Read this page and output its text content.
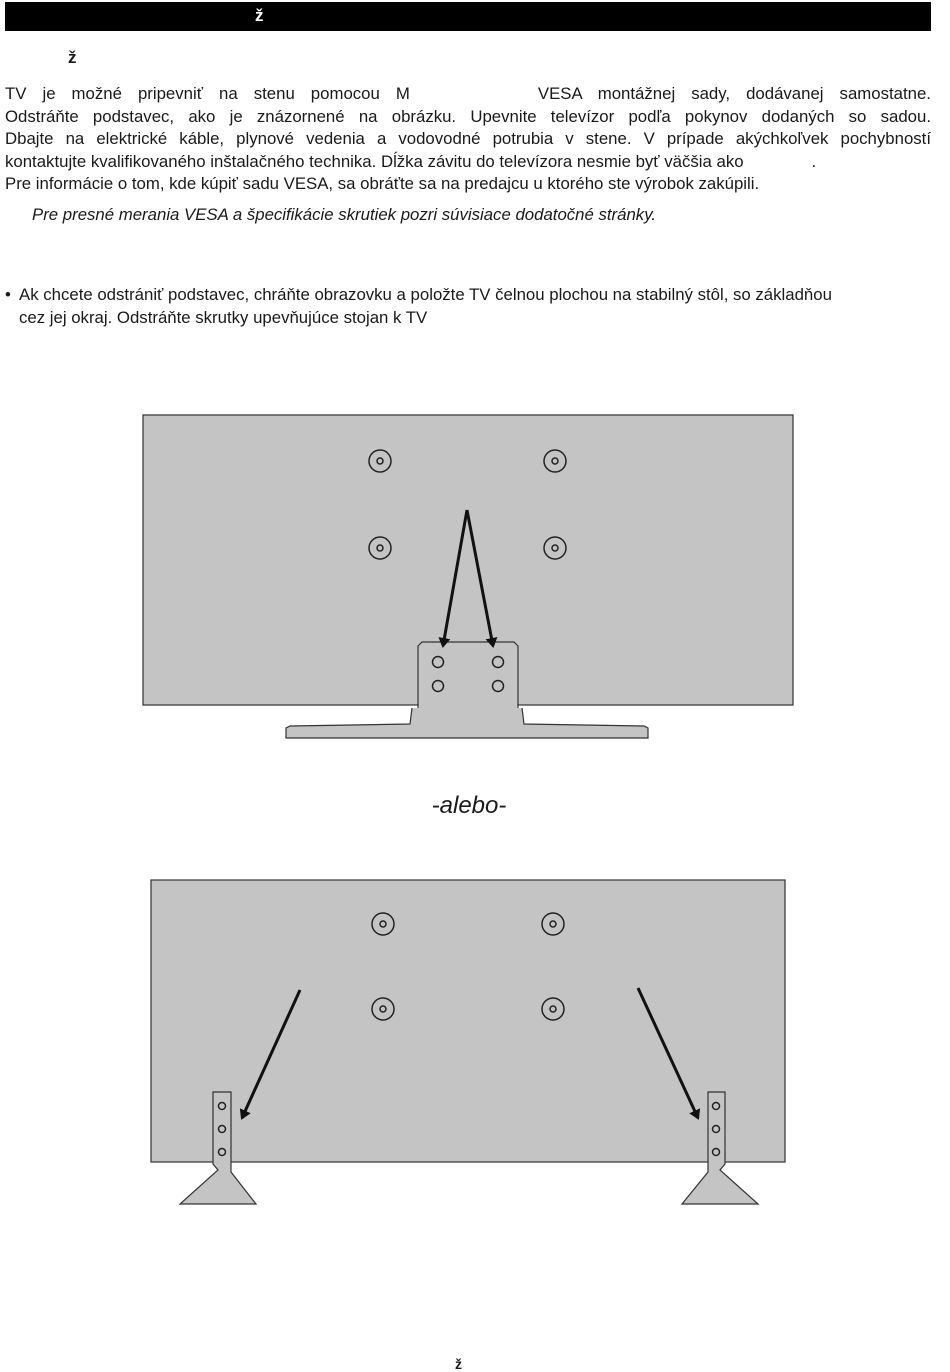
ž
ž
TV je možné pripevniť na stenu pomocou M	VESA montážnej sady, dodávanej samostatne.
Odstráňte podstavec, ako je znázornené na obrázku. Upevnite televízor podľa pokynov dodaných so sadou.
Dbajte na elektrické káble, plynové vedenia a vodovodné potrubia v stene. V prípade akýchkoľvek pochybností
kontaktujte kvalifikovaného inštalačného technika. Dĺžka závitu do televízora nesmie byť väčšia ako	.
Pre informácie o tom, kde kúpiť sadu VESA, sa obráťte sa na predajcu u ktorého ste výrobok zakúpili.
Pre presné merania VESA a špecifikácie skrutiek pozri súvisiace dodatočné stránky.
• Ak chcete odstrániť podstavec, chráňte obrazovku a položte TV čelnou plochou na stabilný stôl, so základňou
cez jej okraj. Odstráňte skrutky upevňujúce stojan k TV
-alebo-
ž
